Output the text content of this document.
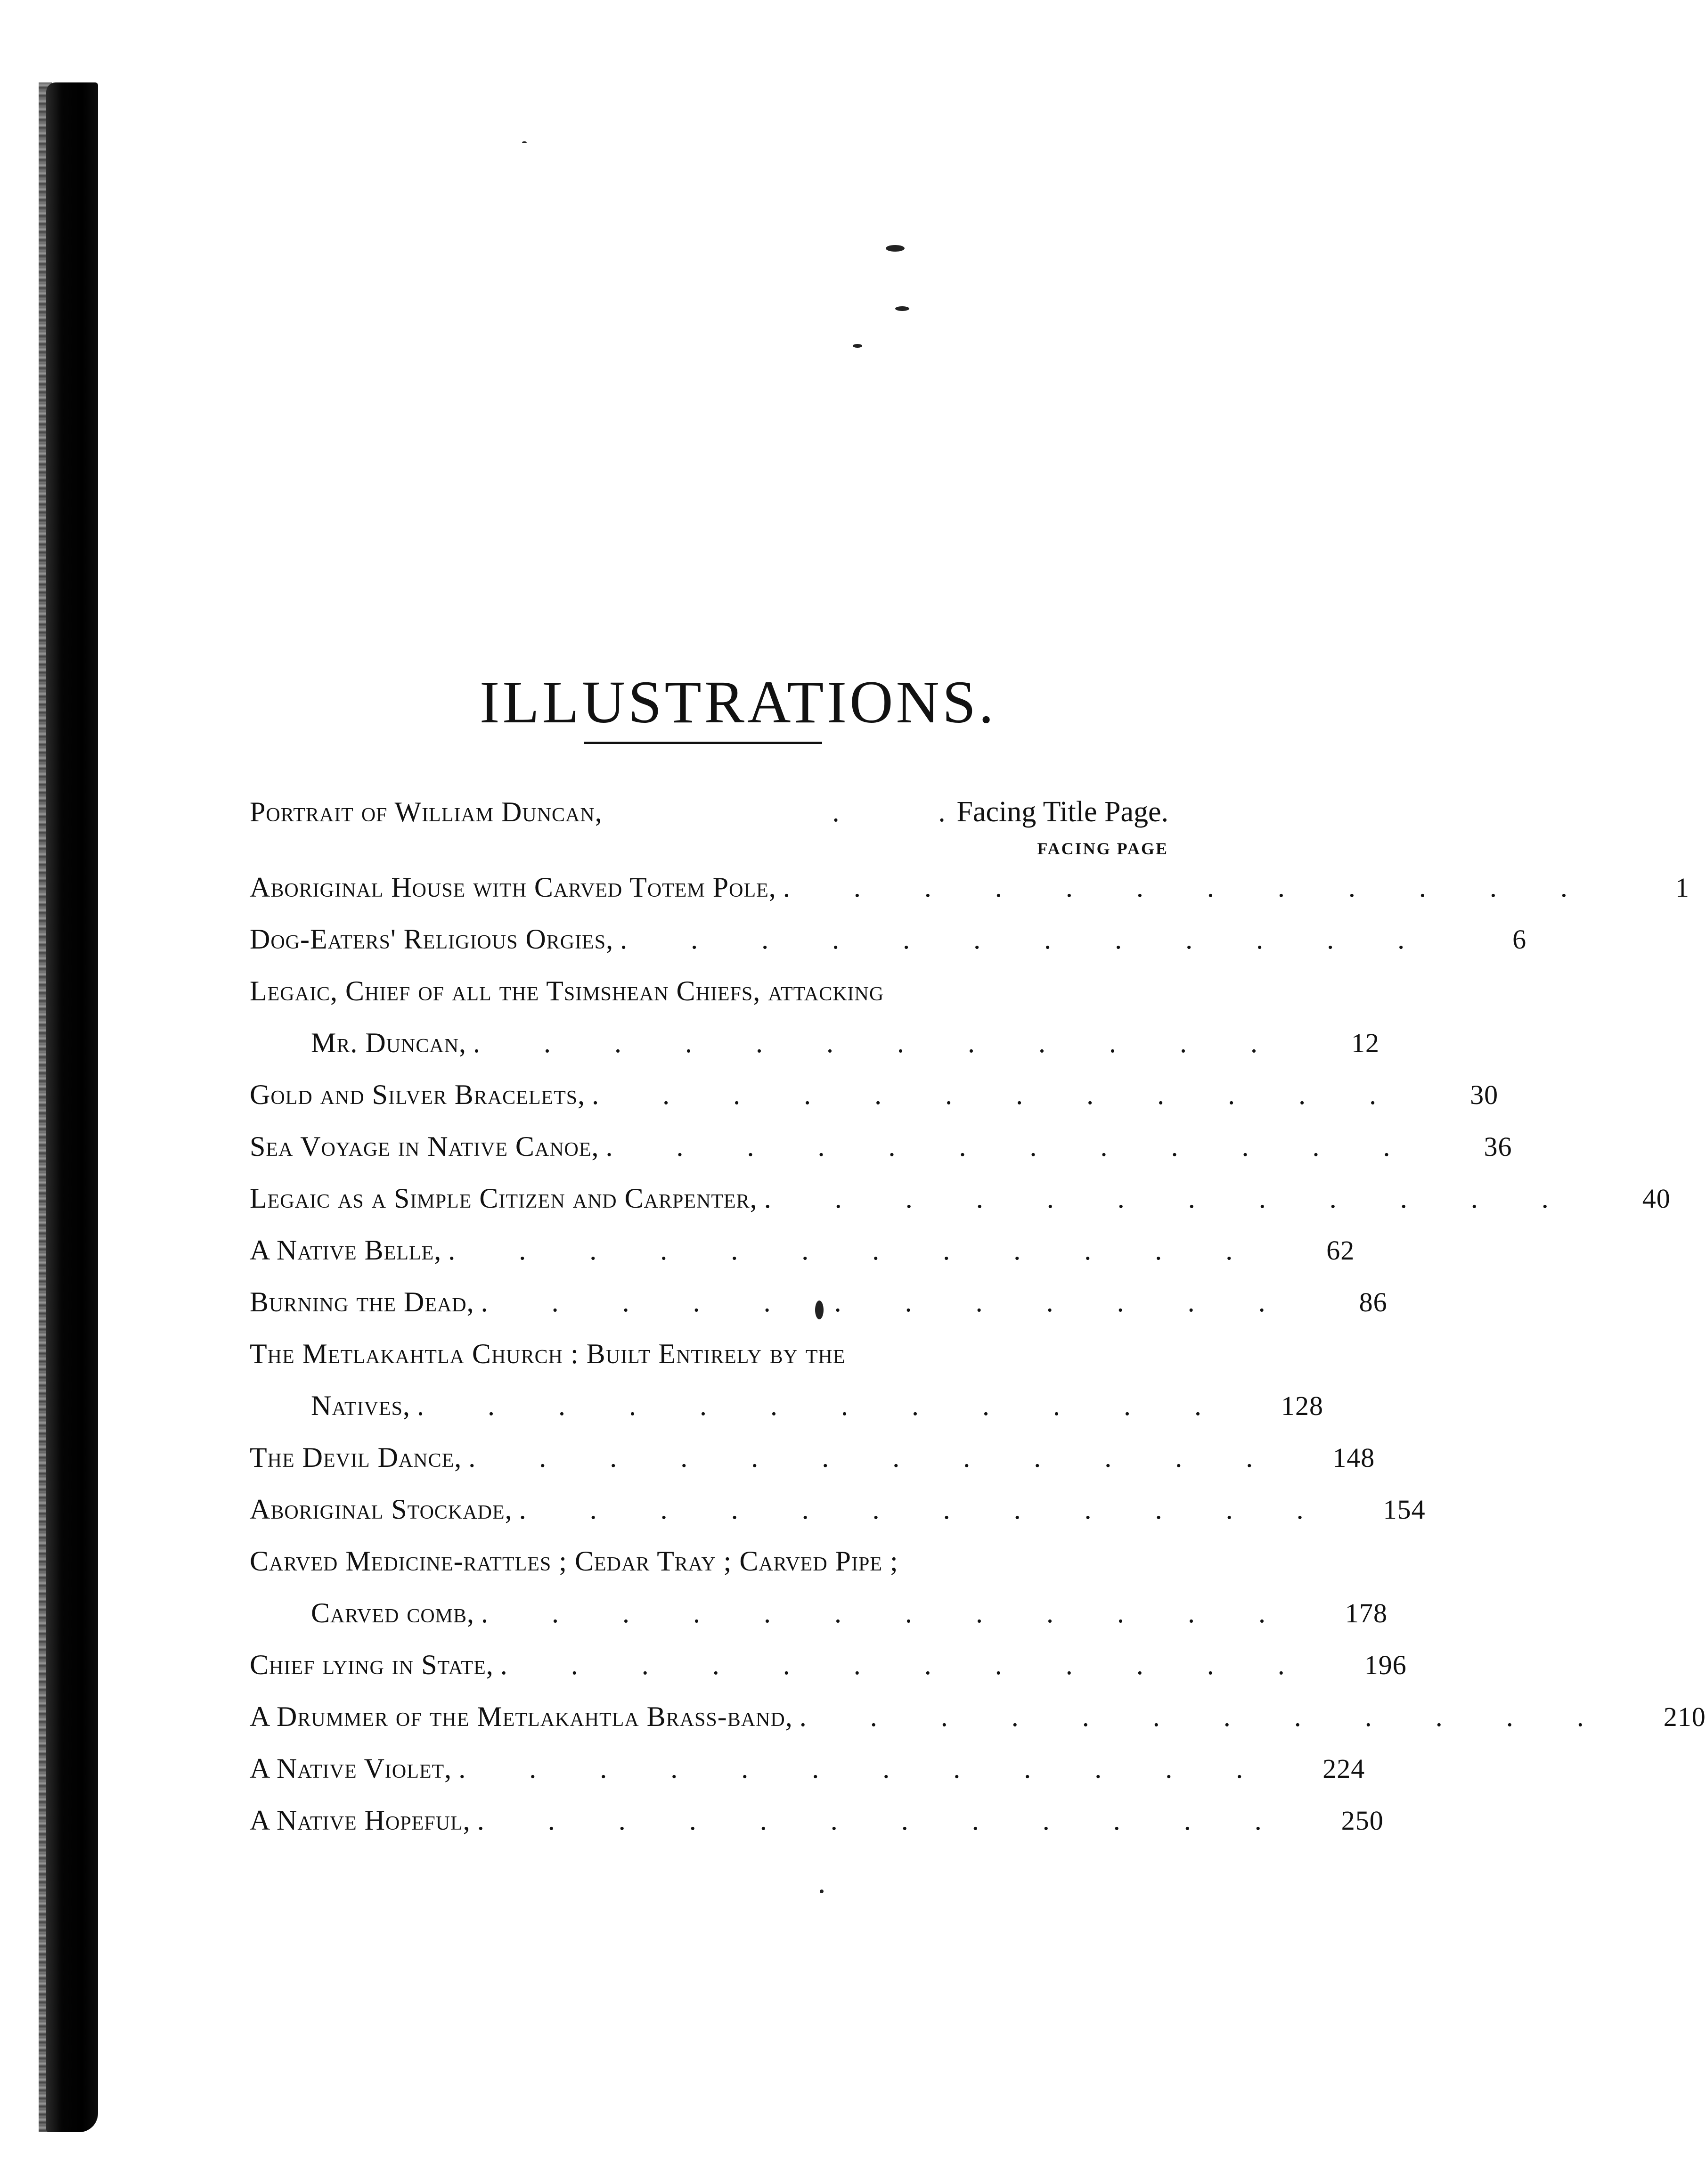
ILLUSTRATIONS.
Portrait of William Duncan,	.              . Facing Title Page.
FACING PAGE
Aboriginal House with Carved Totem Pole, .         .         .         .         .         .         .         .         .         .         .         .	1
Dog-Eaters' Religious Orgies, .         .         .         .         .         .         .         .         .         .         .         .	6
Legaic, Chief of all the Tsimshean Chiefs, attacking
Mr. Duncan, .         .         .         .         .         .         .         .         .         .         .         .	12
Gold and Silver Bracelets, .         .         .         .         .         .         .         .         .         .         .         .	30
Sea Voyage in Native Canoe, .         .         .         .         .         .         .         .         .         .         .         .	36
Legaic as a Simple Citizen and Carpenter, .         .         .         .         .         .         .         .         .         .         .         .	40
A Native Belle, .         .         .         .         .         .         .         .         .         .         .         .	62
Burning the Dead, .         .         .         .         .         .         .         .         .         .         .         .	86
The Metlakahtla Church : Built Entirely by the
Natives, .         .         .         .         .         .         .         .         .         .         .         . 128
The Devil Dance, .         .         .         .         .         .         .         .         .         .         .         . 148
Aboriginal Stockade, .         .         .         .         .         .         .         .         .         .         .         . 154
Carved Medicine-rattles ; Cedar Tray ; Carved Pipe ;
Carved comb, .         .         .         .         .         .         .         .         .         .         .         . 178
Chief lying in State, .         .         .         .         .         .         .         .         .         .         .         . 196
A Drummer of the Metlakahtla Brass-band, .         .         .         .         .         .         .         .         .         .         .         . 210
A Native Violet, .         .         .         .         .         .         .         .         .         .         .         . 224
A Native Hopeful, .         .         .         .         .         .         .         .         .         .         .         . 250
